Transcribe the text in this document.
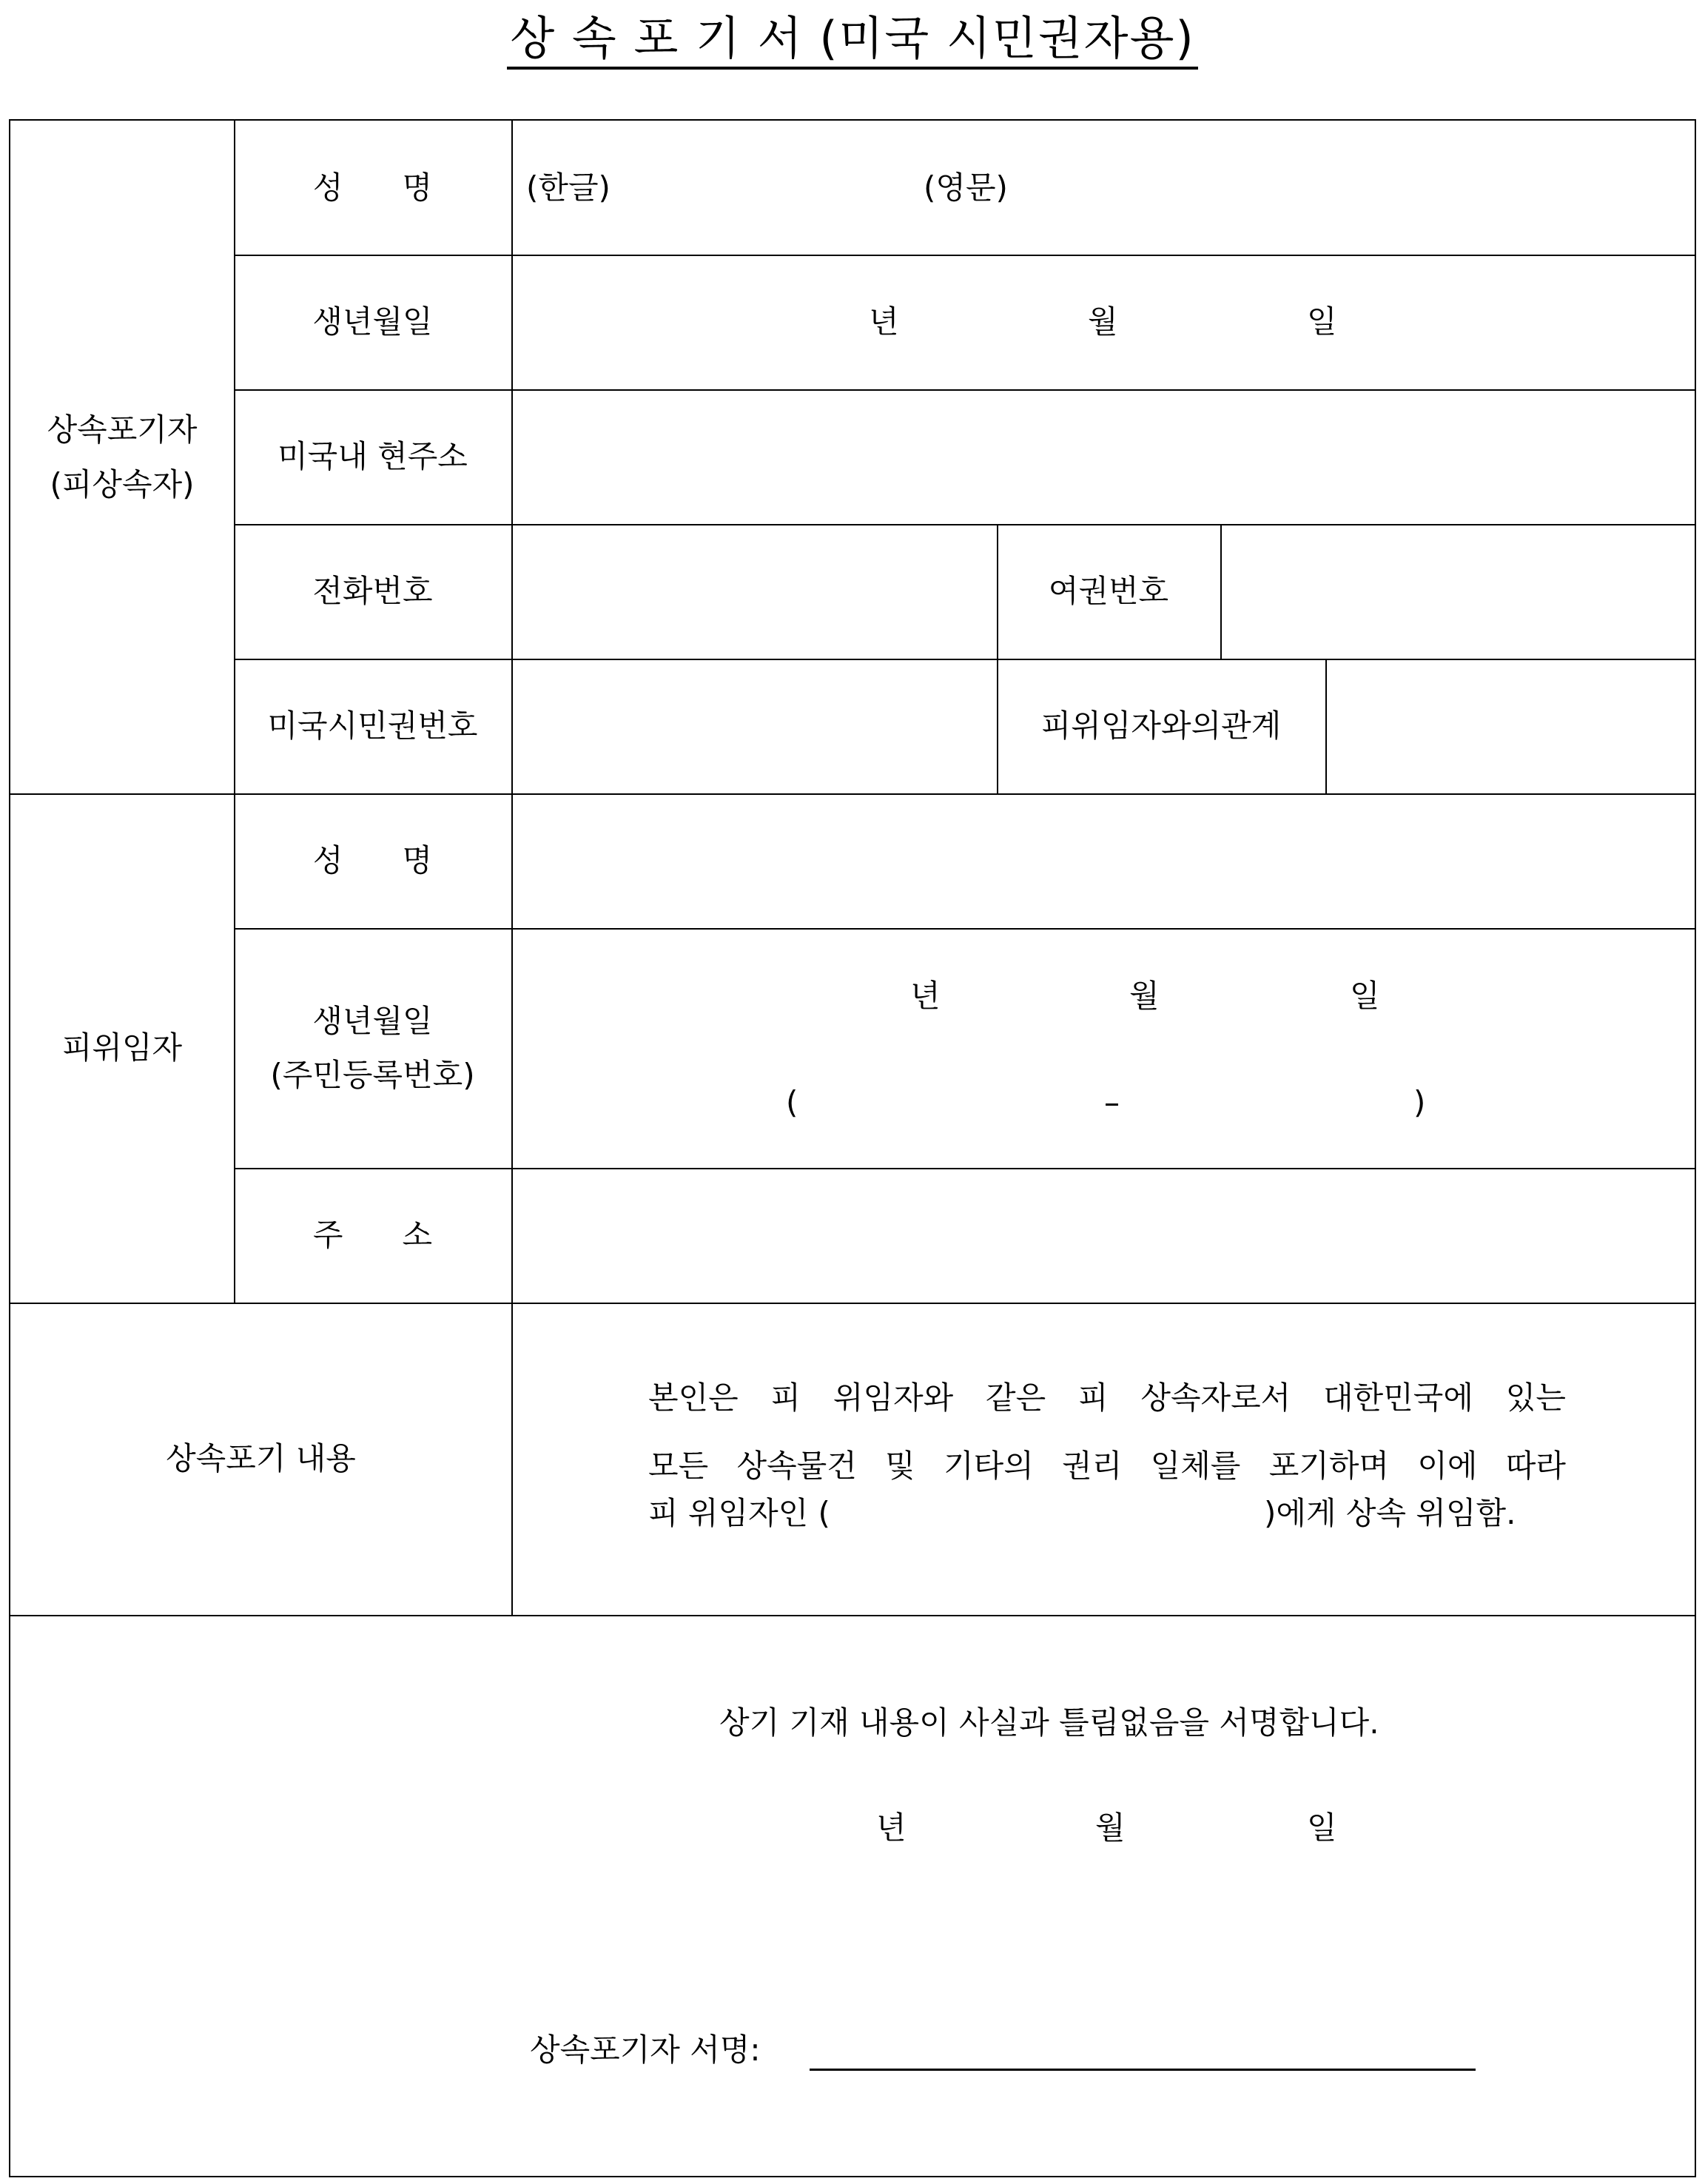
상 속 포 기 서 (미국 시민권자용)
상속포기자
(피상속자)
성      명	(한글)	(영문)
생년월일	년	월	일
미국내 현주소
전화번호	여권번호
미국시민권번호	피위임자와의관계
피위임자
성      명
생년월일
(주민등록번호)
년	월	일
(	–	)
주      소
상속포기 내용
본인은 피 위임자와 같은 피 상속자로서 대한민국에 있는
모든 상속물건 및 기타의 권리 일체를 포기하며 이에 따라
피 위임자인 (	)에게 상속 위임함.
상기 기재 내용이 사실과 틀림없음을 서명합니다.
년	월	일
상속포기자 서명:
